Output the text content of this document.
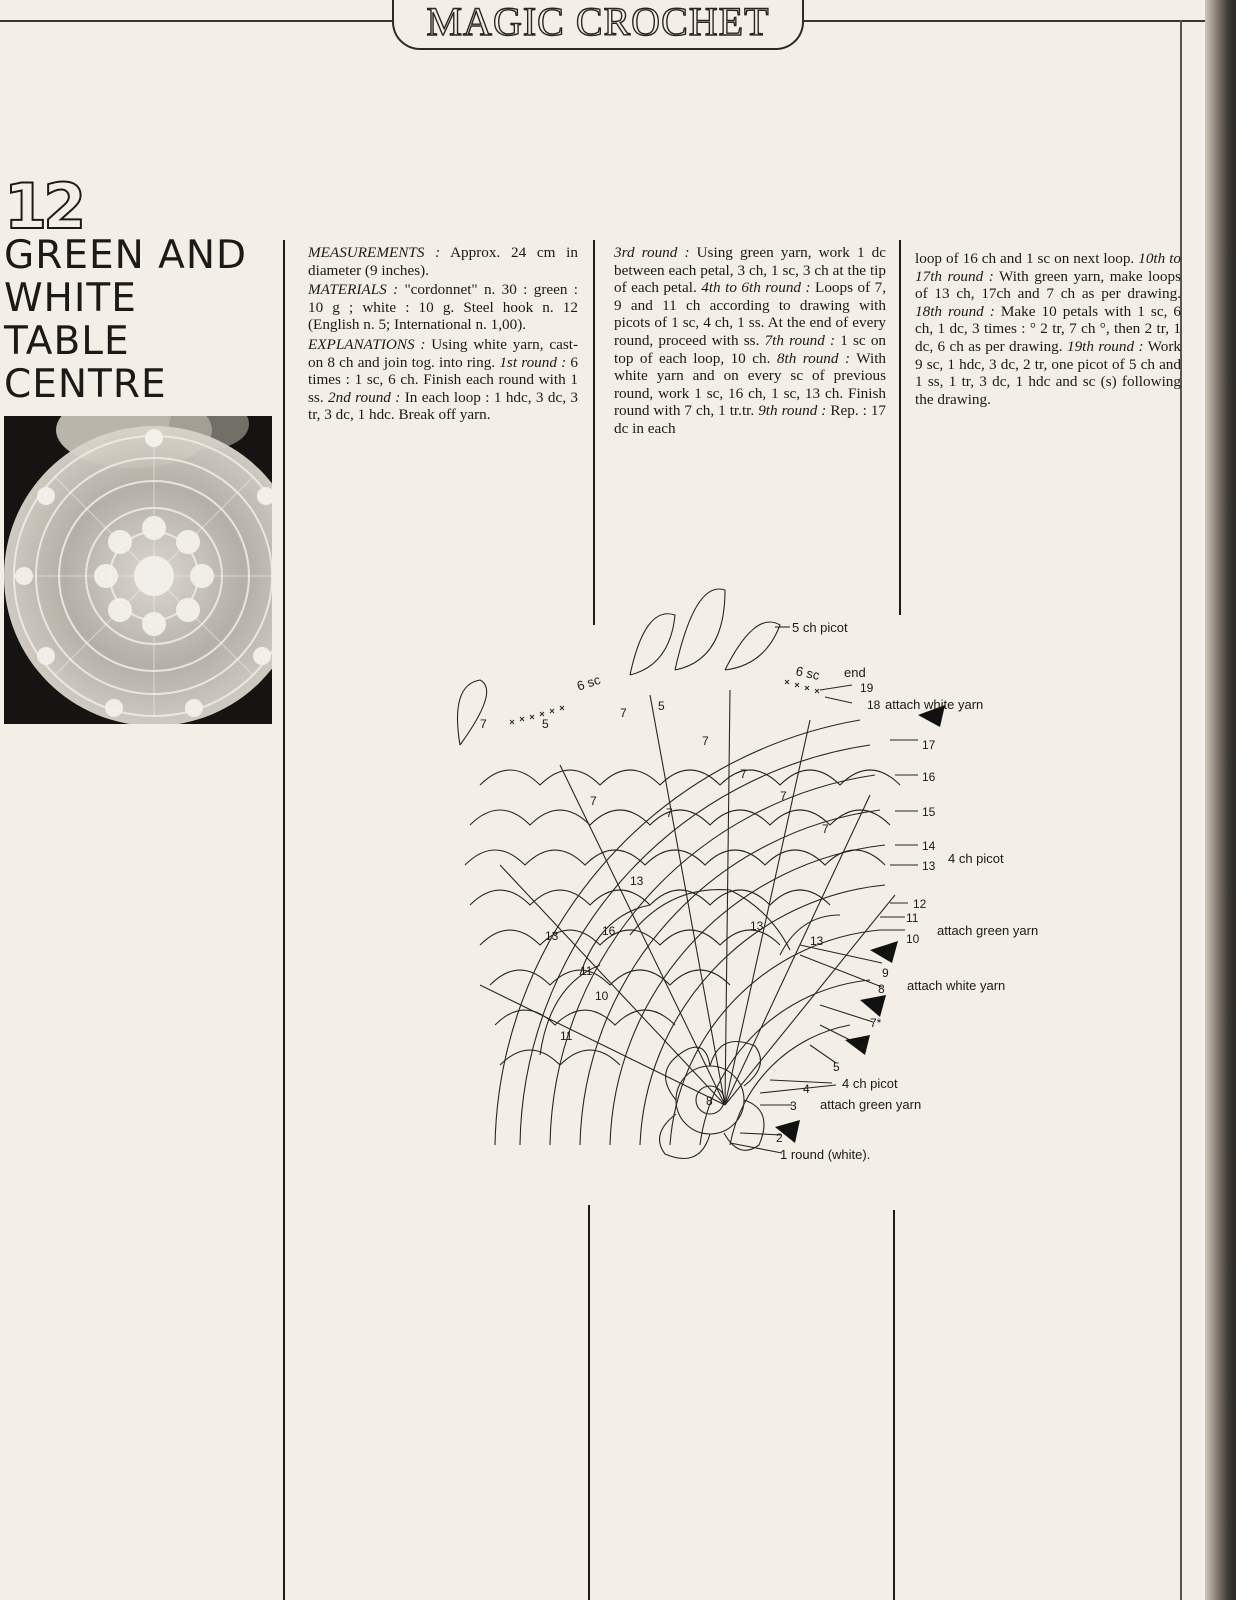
MAGIC CROCHET
12
GREEN AND
WHITE
TABLE
CENTRE

MEASUREMENTS : Approx. 24 cm in diameter (9 inches).

MATERIALS : "cordonnet" n. 30 : green : 10 g ; white : 10 g. Steel hook n. 12 (English n. 5; International n. 1,00).

EXPLANATIONS : Using white yarn, cast-on 8 ch and join tog. into ring. 1st round : 6 times : 1 sc, 6 ch. Finish each round with 1 ss. 2nd round : In each loop : 1 hdc, 3 dc, 3 tr, 3 dc, 1 hdc. Break off yarn.

3rd round : Using green yarn, work 1 dc between each petal, 3 ch, 1 sc, 3 ch at the tip of each petal. 4th to 6th round : Loops of 7, 9 and 11 ch according to drawing with picots of 1 sc, 4 ch, 1 ss. At the end of every round, proceed with ss. 7th round : 1 sc on top of each loop, 10 ch. 8th round : With white yarn and on every sc of previous round, work 1 sc, 16 ch, 1 sc, 13 ch. Finish round with 7 ch, 1 tr.tr. 9th round : Rep. : 17 dc in each

loop of 16 ch and 1 sc on next loop. 10th to 17th round : With green yarn, make loops of 13 ch, 17ch and 7 ch as per drawing. 18th round : Make 10 petals with 1 sc, 6 ch, 1 dc, 3 times : ° 2 tr, 7 ch °, then 2 tr, 1 dc, 6 ch as per drawing. 19th round : Work 9 sc, 1 hdc, 3 dc, 2 tr, one picot of 5 ch and 1 ss, 1 tr, 3 dc, 1 hdc and sc (s) following the drawing.

5 ch picot
6 sc
6 sc	end
attach white yarn
4 ch picot
attach green yarn
attach white yarn
4 ch picot
attach green yarn
1 round (white).
19
18
17
16
15
14
13
12
11
10
9
8
7*
6
5
4
3
2
8
13
13
13
16
13
11
10
11
7
7
7
7
5
5
7
7
7
7
